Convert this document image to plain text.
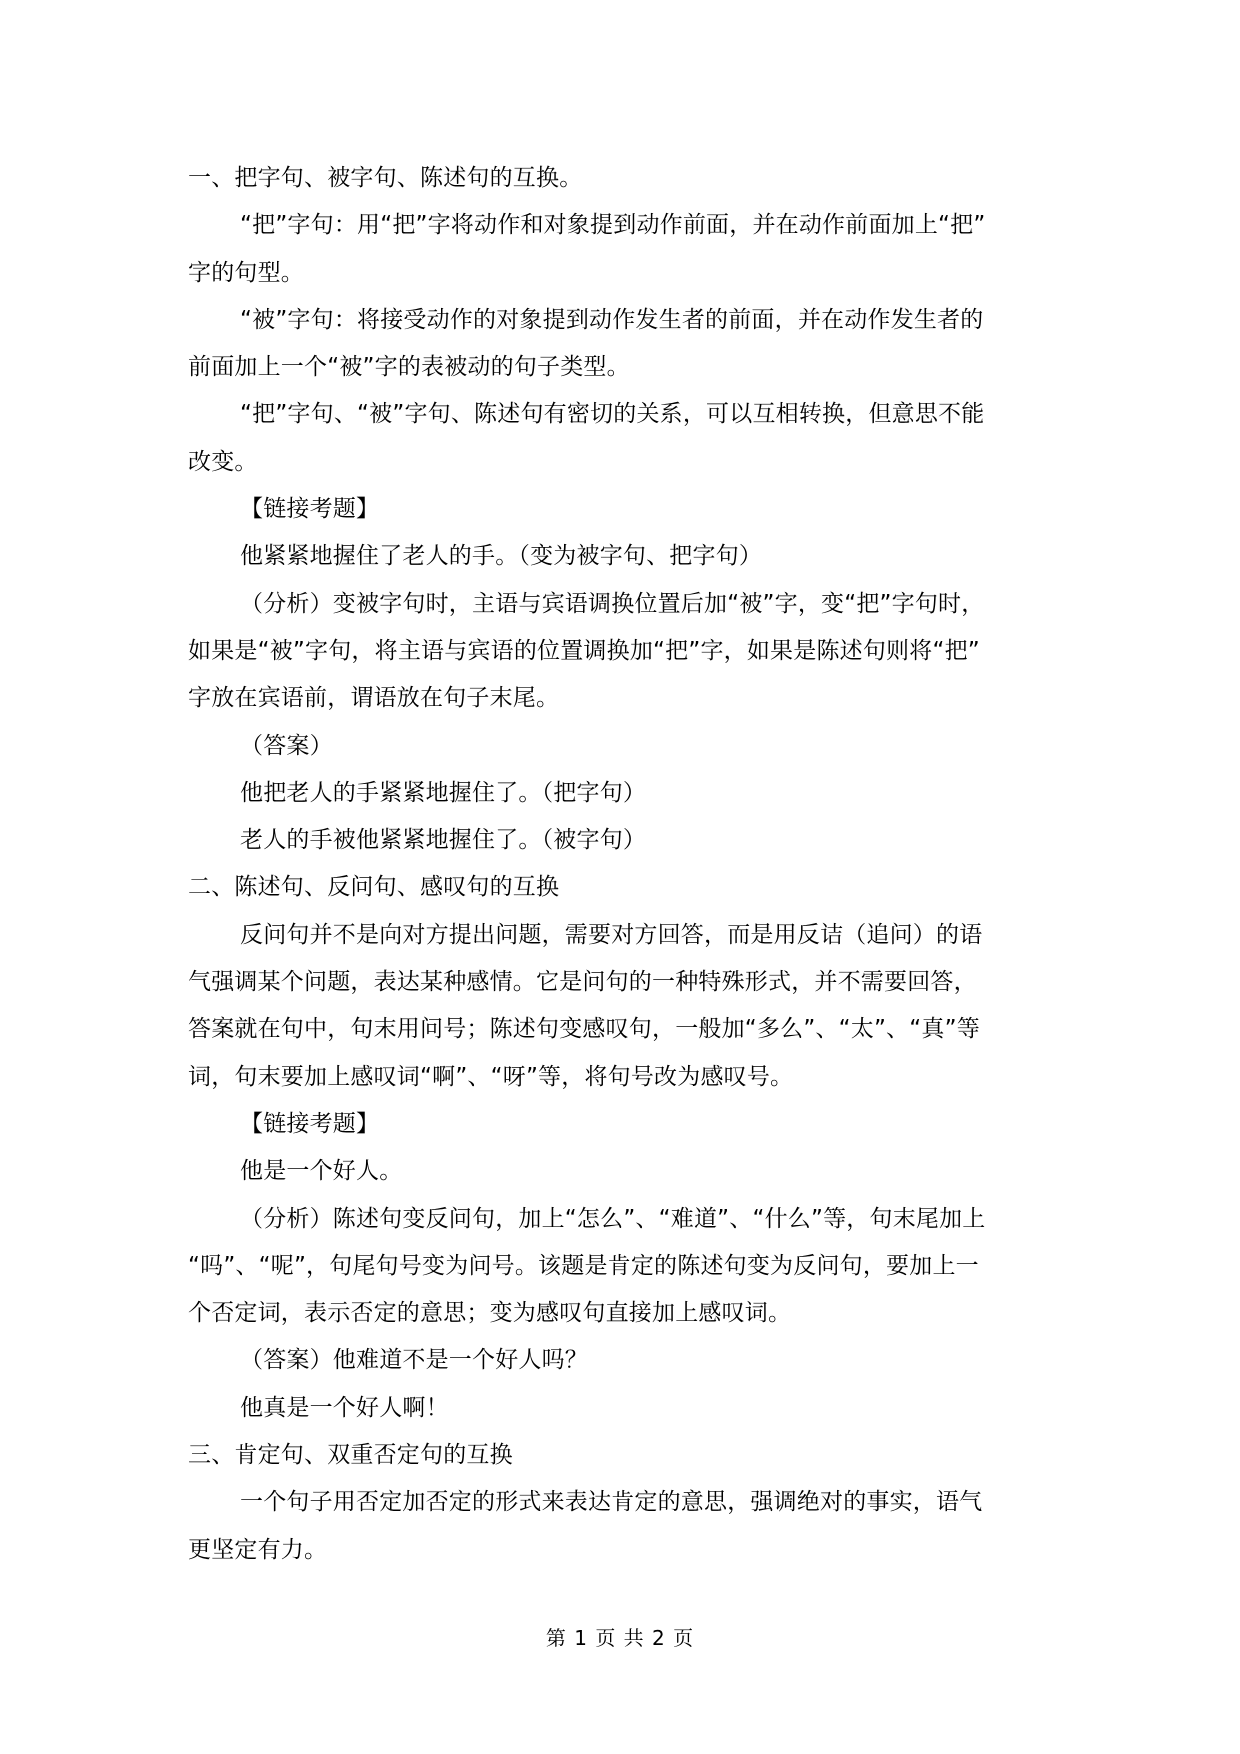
一、把字句、被字句、陈述句的互换。
“把”字句：用“把”字将动作和对象提到动作前面，并在动作前面加上“把”
字的句型。
“被”字句：将接受动作的对象提到动作发生者的前面，并在动作发生者的
前面加上一个“被”字的表被动的句子类型。
“把”字句、“被”字句、陈述句有密切的关系，可以互相转换，但意思不能
改变。
【链接考题】
他紧紧地握住了老人的手。（变为被字句、把字句）
（分析）变被字句时，主语与宾语调换位置后加“被”字，变“把”字句时，
如果是“被”字句，将主语与宾语的位置调换加“把”字，如果是陈述句则将“把”
字放在宾语前，谓语放在句子末尾。
（答案）
他把老人的手紧紧地握住了。（把字句）
老人的手被他紧紧地握住了。（被字句）
二、陈述句、反问句、感叹句的互换
反问句并不是向对方提出问题，需要对方回答，而是用反诘（追问）的语
气强调某个问题，表达某种感情。它是问句的一种特殊形式，并不需要回答，
答案就在句中，句末用问号；陈述句变感叹句，一般加“多么”、“太”、“真”等
词，句末要加上感叹词“啊”、“呀”等，将句号改为感叹号。
【链接考题】
他是一个好人。
（分析）陈述句变反问句，加上“怎么”、“难道”、“什么”等，句末尾加上
“吗”、“呢”，句尾句号变为问号。该题是肯定的陈述句变为反问句，要加上一
个否定词，表示否定的意思；变为感叹句直接加上感叹词。
（答案）他难道不是一个好人吗？
他真是一个好人啊！
三、肯定句、双重否定句的互换
一个句子用否定加否定的形式来表达肯定的意思，强调绝对的事实，语气
更坚定有力。
第 1 页 共 2 页
